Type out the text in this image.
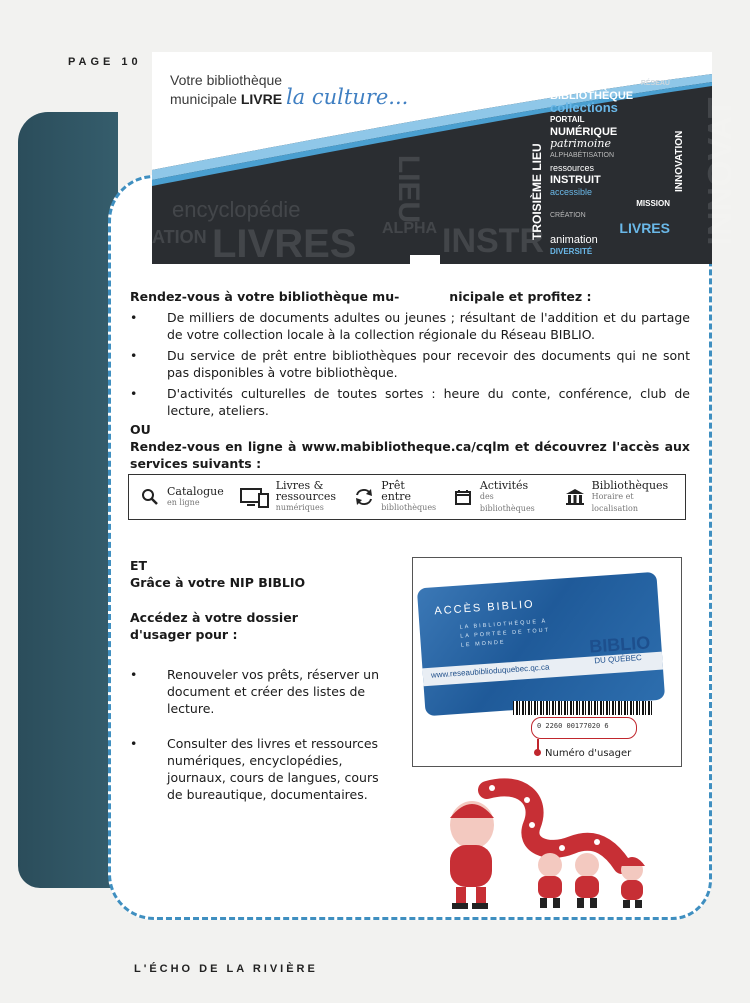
PAGE 10
LIVRES
LIEU
INSTR
encyclopédie
ATION	ALPHA	INNOVAT
Votre bibliothèque
municipale LIVRE la culture...
TROISIÈME LIEU
RÉSEAU
BIBLIOTHÈQUE
collections
PORTAIL
NUMÉRIQUE
patrimoine
ALPHABÉTISATION
ressources
INSTRUIT
accessible
MISSION
CRÉATION
LIVRES
animation
DIVERSITÉ
INNOVATION
Rendez-vous à votre bibliothèque mu-	nicipale et profitez :
• De milliers de documents adultes ou jeunes ; résultant de l'addition et du partage de votre collection locale à la collection régionale du Réseau BIBLIO.
• Du service de prêt entre bibliothèques pour recevoir des documents qui ne sont pas disponibles à votre bibliothèque.
• D'activités culturelles de toutes sortes : heure du conte, conférence, club de lecture, ateliers.
OU
Rendez-vous en ligne à www.mabibliotheque.ca/cqlm et découvrez l'accès aux services suivants :
Catalogue
en ligne
Livres & ressources
numériques
Prêt entre
bibliothèques
Activités
des bibliothèques
Bibliothèques
Horaire et localisation
ET
Grâce à votre NIP BIBLIO
Accédez à votre dossier d'usager pour :
• Renouveler vos prêts, réserver un document et créer des listes de lecture.
• Consulter des livres et ressources numériques, encyclopédies, journaux, cours de langues, cours de bureautique, documentaires.
ACCÈS BIBLIO
LA BIBLIOTHÈQUE À LA PORTÉE DE TOUT LE MONDE
www.reseaubiblioduquebec.qc.ca
BIBLIO
DU QUÉBEC
0 2260 00177020 6
Numéro d'usager
L'ÉCHO DE LA RIVIÈRE
